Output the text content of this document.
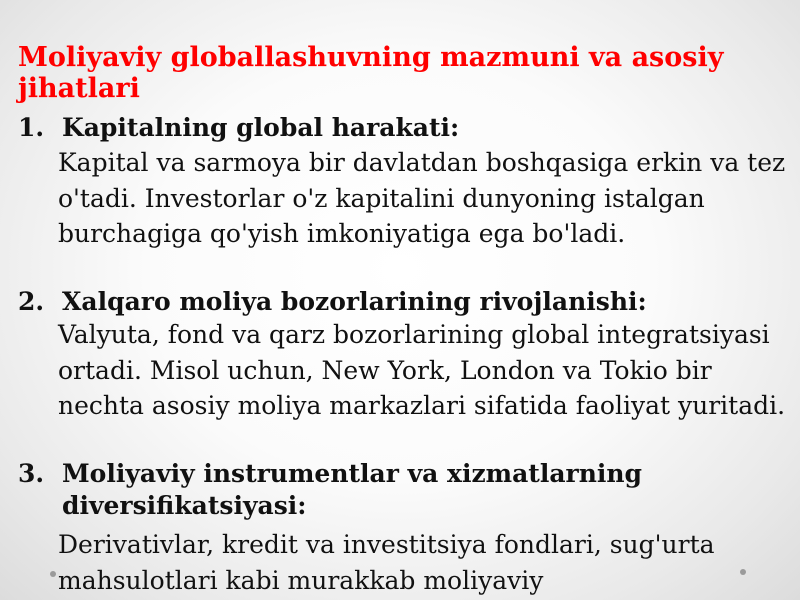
Moliyaviy globallashuvning mazmuni va asosiy jihatlari
1. Kapitalning global harakati:
Kapital va sarmoya bir davlatdan boshqasiga erkin va tez o'tadi. Investorlar o'z kapitalini dunyoning istalgan burchagiga qo'yish imkoniyatiga ega bo'ladi.
2. Xalqaro moliya bozorlarining rivojlanishi:
Valyuta, fond va qarz bozorlarining global integratsiyasi ortadi. Misol uchun, New York, London va Tokio bir nechta asosiy moliya markazlari sifatida faoliyat yuritadi.
3. Moliyaviy instrumentlar va xizmatlarning diversifikatsiyasi:
Derivativlar, kredit va investitsiya fondlari, sug'urta mahsulotlari kabi murakkab moliyaviy
